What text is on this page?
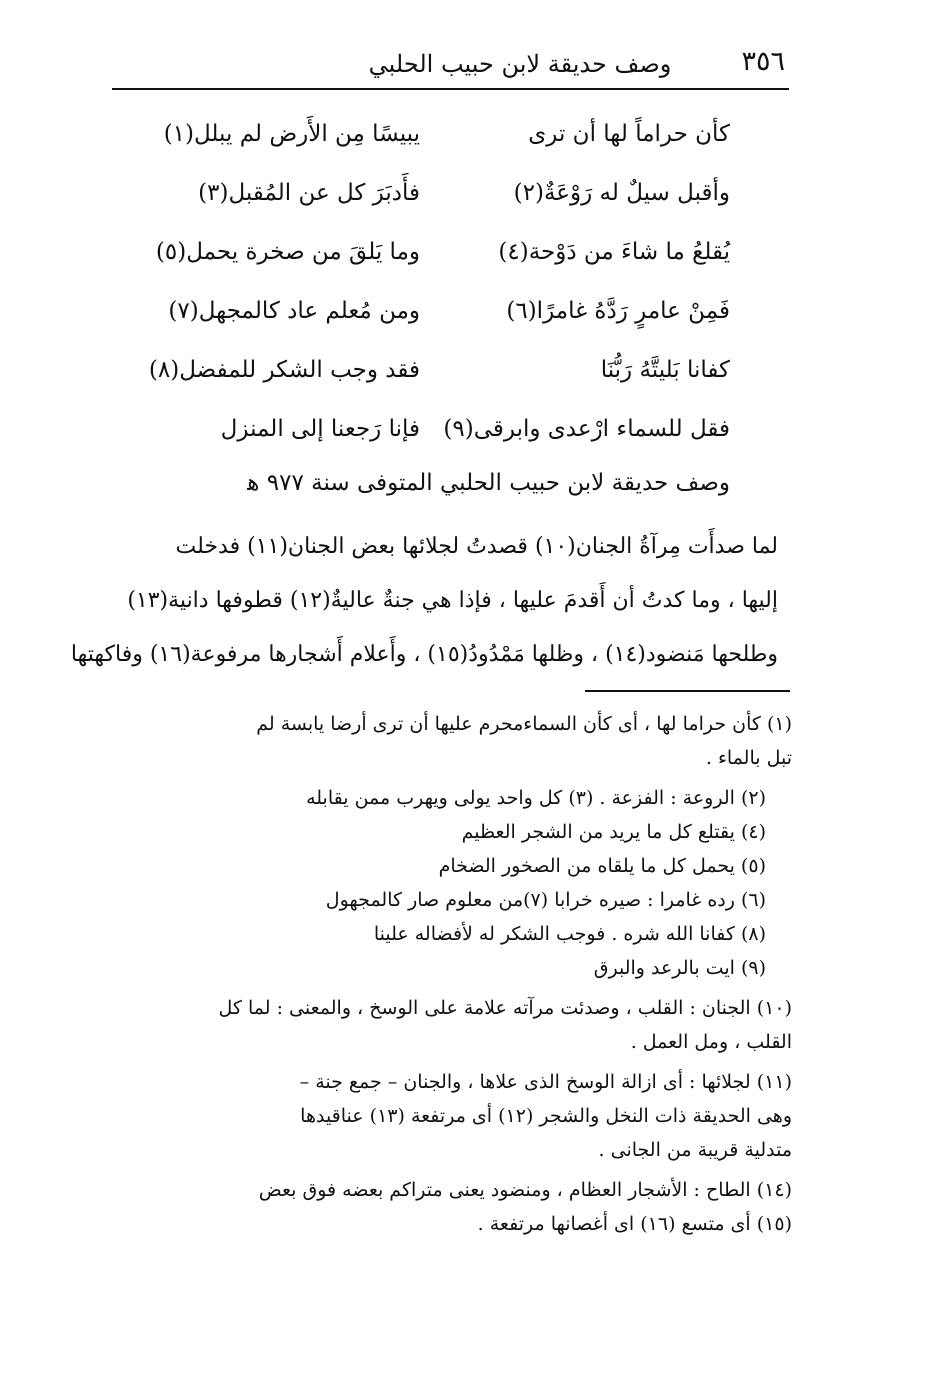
٣٥٦
وصف حديقة لابن حبيب الحلبي
كأن حراماً لها أن ترى
يبيسًا مِن الأَرض لم يبلل(١)
وأقبل سيلٌ له رَوْعَةٌ(٢)
فأَدبَرَ كل عن المُقبل(٣)
يُقلعُ ما شاءَ من دَوْحة(٤)
وما يَلقَ من صخرة يحمل(٥)
فَمِنْ عامرٍ رَدَّهُ غامرًا(٦)
ومن مُعلم عاد كالمجهل(٧)
كفانا بَليتَّهُ رَبُّنَا
فقد وجب الشكر للمفضل(٨)
فقل للسماء ارْعدى وابرقى(٩)
فإنا رَجعنا إلى المنزل
وصف حديقة لابن حبيب الحلبي المتوفى سنة ٩٧٧ ﻫ

لما صدأَت مِرآةُ الجنان(١٠) قصدتُ لجلائها بعض الجنان(١١) فدخلت

إليها ، وما كدتُ أن أَقدمَ عليها ، فإذا هي جنةٌ عاليةٌ(١٢) قطوفها دانية(١٣)

وطلحها مَنضود(١٤) ، وظلها مَمْدُودُ(١٥) ، وأَعلام أَشجارها مرفوعة(١٦) وفاكهتها

(١) كأن حراما لها ، أى كأن السماءمحرم عليها أن ترى أرضا يابسة لم

تبل بالماء .

(٢) الروعة : الفزعة . (٣) كل واحد يولى ويهرب ممن يقابله

(٤) يقتلع كل ما يريد من الشجر العظيم

(٥) يحمل كل ما يلقاه من الصخور الضخام

(٦) رده غامرا : صيره خرابا (٧)من معلوم صار كالمجهول

(٨) كفانا الله شره . فوجب الشكر له لأفضاله علينا

(٩) ايت بالرعد والبرق

(١٠) الجنان : القلب ، وصدئت مرآته علامة على الوسخ ، والمعنى : لما كل

القلب ، ومل العمل .

(١١) لجلائها : أى ازالة الوسخ الذى علاها ، والجنان – جمع جنة –

وهى الحديقة ذات النخل والشجر (١٢) أى مرتفعة (١٣) عناقيدها

متدلية قريبة من الجانى .

(١٤) الطاح : الأشجار العظام ، ومنضود يعنى متراكم بعضه فوق بعض

(١٥) أى متسع (١٦) اى أغصانها مرتفعة .
